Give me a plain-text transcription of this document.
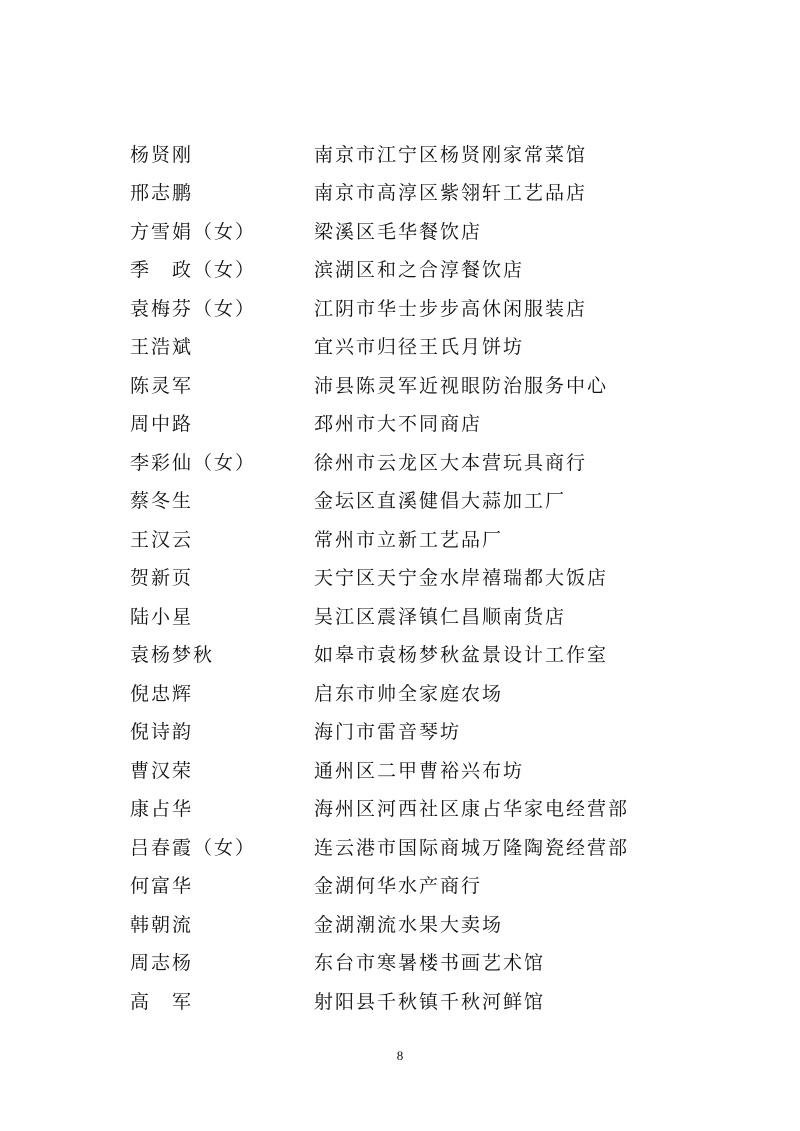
杨贤刚	南京市江宁区杨贤刚家常菜馆
邢志鹏	南京市高淳区紫翎轩工艺品店
方雪娟（女）	梁溪区毛华餐饮店
季　政（女）	滨湖区和之合淳餐饮店
袁梅芬（女）	江阴市华士步步高休闲服装店
王浩斌	宜兴市归径王氏月饼坊
陈灵军	沛县陈灵军近视眼防治服务中心
周中路	邳州市大不同商店
李彩仙（女）	徐州市云龙区大本营玩具商行
蔡冬生	金坛区直溪健倡大蒜加工厂
王汉云	常州市立新工艺品厂
贺新页	天宁区天宁金水岸禧瑞都大饭店
陆小星	吴江区震泽镇仁昌顺南货店
袁杨梦秋	如皋市袁杨梦秋盆景设计工作室
倪忠辉	启东市帅全家庭农场
倪诗韵	海门市雷音琴坊
曹汉荣	通州区二甲曹裕兴布坊
康占华	海州区河西社区康占华家电经营部
吕春霞（女）	连云港市国际商城万隆陶瓷经营部
何富华	金湖何华水产商行
韩朝流	金湖潮流水果大卖场
周志杨	东台市寒暑楼书画艺术馆
高　军	射阳县千秋镇千秋河鲜馆
8
